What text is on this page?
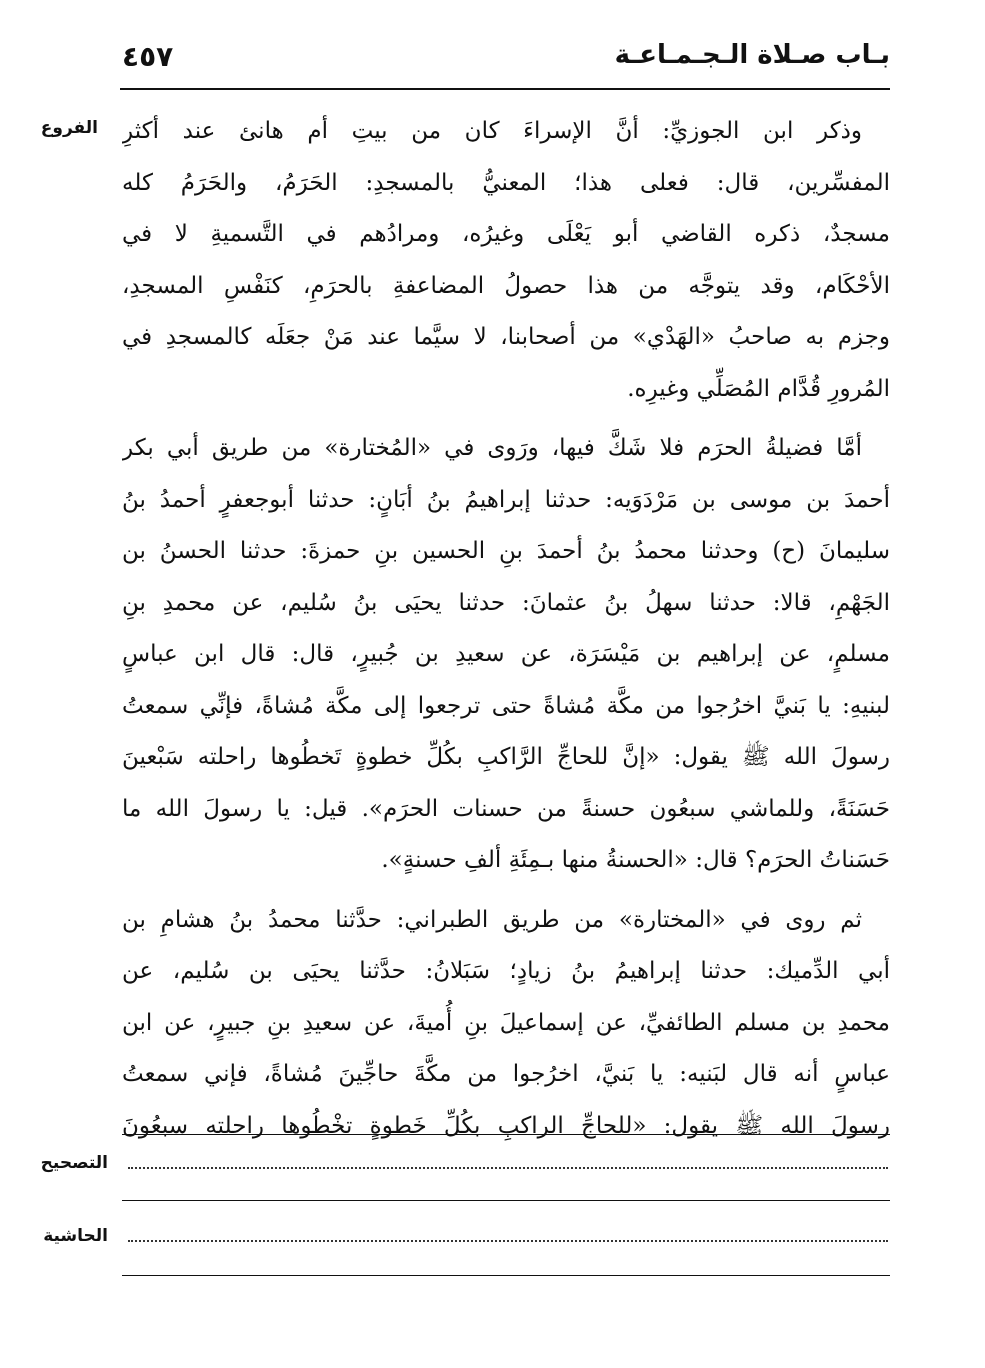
بـاب صـلاة الـجـمـاعـة
٤٥٧
الفروع وذكر ابن الجوزيِّ: أنَّ الإسراءَ كان من بيتِ أم هانئ عند أكثرِ
المفسِّرين، قال: فعلى هذا؛ المعنيُّ بالمسجدِ: الحَرَمُ، والحَرَمُ كله
مسجدٌ، ذكره القاضي أبو يَعْلَى وغيرُه، ومرادُهم في التَّسميةِ لا في
الأحْكَام، وقد يتوجَّه من هذا حصولُ المضاعفةِ بالحرَمِ، كنَفْسِ المسجدِ،
وجزم به صاحبُ «الهَدْي» من أصحابنا، لا سيَّما عند مَنْ جعَلَه كالمسجدِ في
المُرورِ قُدَّام المُصَلِّي وغيرِه.

أمَّا فضيلةُ الحرَم فلا شَكَّ فيها، ورَوى في «المُختارة» من طريق أبي بكر
أحمدَ بن موسى بن مَرْدَوَيه: حدثنا إبراهيمُ بنُ أبَانٍ: حدثنا أبوجعفرٍ أحمدُ بنُ
سليمانَ (ح) وحدثنا محمدُ بنُ أحمدَ بنِ الحسين بنِ حمزةَ: حدثنا الحسنُ بن
الجَهْمِ، قالا: حدثنا سهلُ بنُ عثمانَ: حدثنا يحيَى بنُ سُليم، عن محمدِ بنِ
مسلمٍ، عن إبراهيم بن مَيْسَرَة، عن سعيدِ بن جُبيرٍ، قال: قال ابن عباسٍ
لبنيهِ: يا بَنيَّ اخرُجوا من مكَّة مُشاةً حتى ترجعوا إلى مكَّة مُشاةً، فإنِّي سمعتُ
رسولَ الله ﷺ يقول: «إنَّ للحاجِّ الرَّاكبِ بكُلِّ خطوةٍ تَخطُوها راحلته سَبْعينَ
حَسَنَةً، وللماشي سبعُون حسنةً من حسنات الحرَم». قيل: يا رسولَ الله ما
حَسَناتُ الحرَم؟ قال: «الحسنةُ منها بـمِئَةِ ألفِ حسنةٍ».

ثم روى في «المختارة» من طريق الطبراني: حدَّثنا محمدُ بنُ هشامِ بن
أبي الدِّميك: حدثنا إبراهيمُ بنُ زيادٍ؛ سَبَلانُ: حدَّثنا يحيَى بن سُليم، عن
محمدِ بن مسلم الطائفيِّ، عن إسماعيلَ بنِ أُميةَ، عن سعيدِ بنِ جبيرٍ، عن ابن
عباسٍ أنه قال لبَنيه: يا بَنيَّ، اخرُجوا من مكَّةَ حاجِّينَ مُشاةً، فإني سمعتُ
رسولَ الله ﷺ يقول: «للحاجِّ الراكبِ بكُلِّ خَطوةٍ تخْطُوها راحلته سبعُونَ

التصحيح
الحاشية
